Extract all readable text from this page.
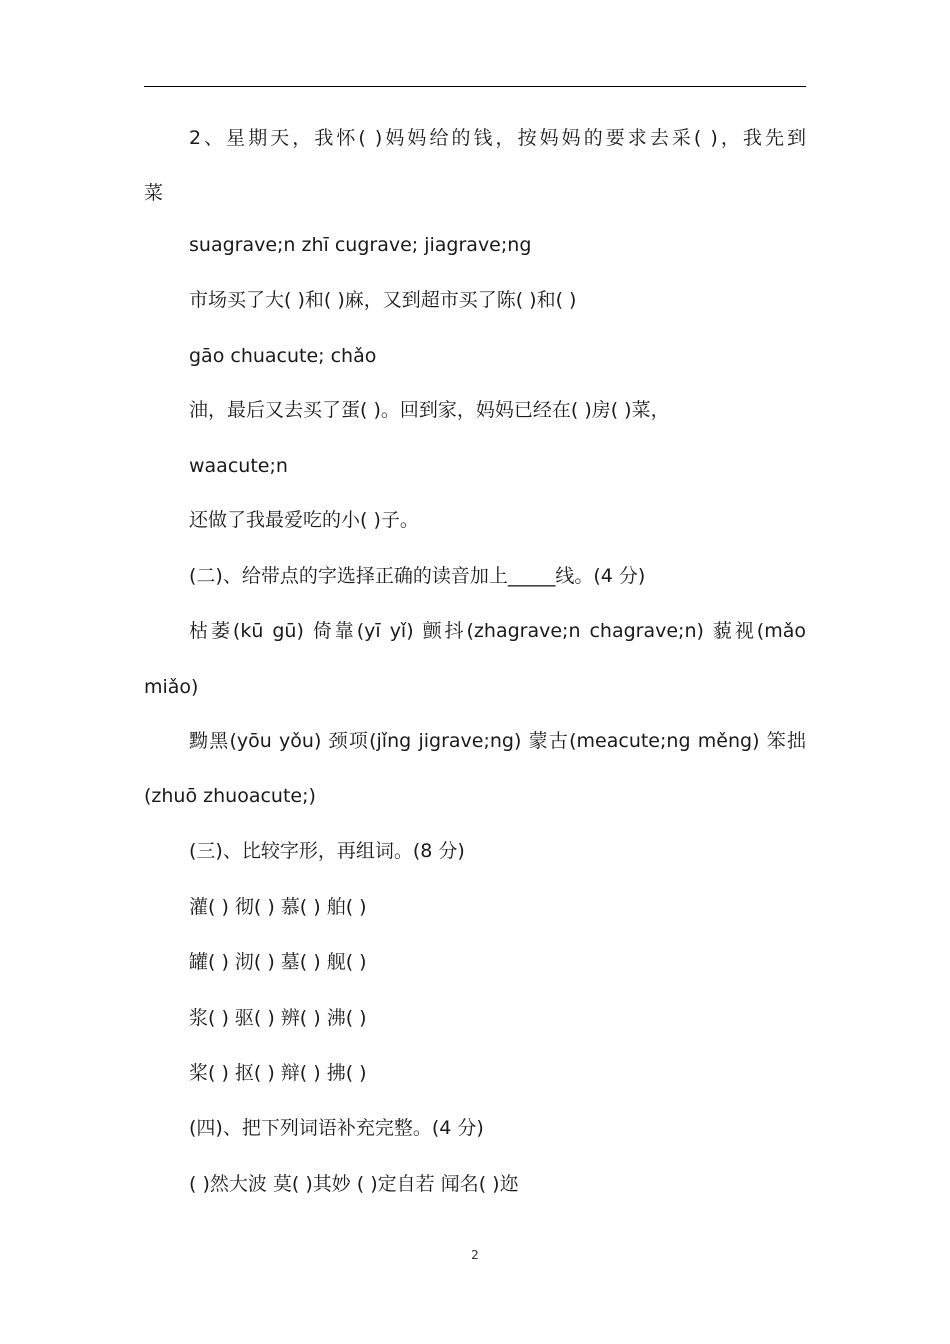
2、星期天，我怀( )妈妈给的钱，按妈妈的要求去采( )，我先到
菜
suagrave;n zhī cugrave; jiagrave;ng
市场买了大( )和( )麻，又到超市买了陈( )和( )
gāo chuacute; chǎo
油，最后又去买了蛋( )。回到家，妈妈已经在( )房( )菜，
waacute;n
还做了我最爱吃的小( )子。
(二)、给带点的字选择正确的读音加上_____线。(4 分)
枯萎(kū gū) 倚靠(yī yǐ) 颤抖(zhagrave;n chagrave;n) 藐视(mǎo
miǎo)
黝黑(yōu yǒu) 颈项(jǐng jigrave;ng) 蒙古(meacute;ng měng) 笨拙
(zhuō zhuoacute;)
(三)、比较字形，再组词。(8 分)
灌( ) 彻( ) 慕( ) 舶( )
罐( ) 沏( ) 墓( ) 舰( )
浆( ) 驱( ) 辨( ) 沸( )
桨( ) 抠( ) 辩( ) 拂( )
(四)、把下列词语补充完整。(4 分)
( )然大波 莫( )其妙 ( )定自若 闻名( )迩
2
